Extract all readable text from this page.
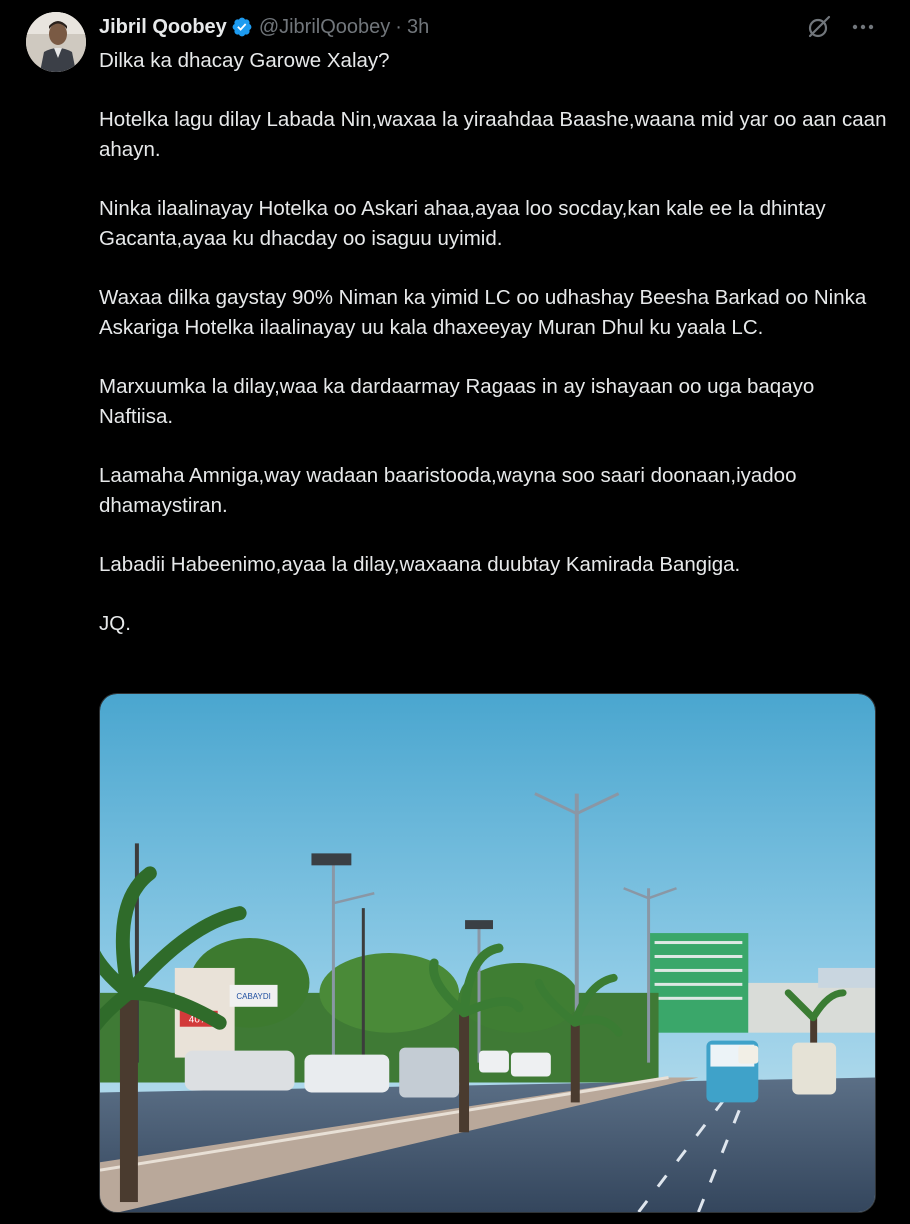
Jibril Qoobey @JibrilQoobey · 3h

Dilka ka dhacay Garowe Xalay?

Hotelka lagu dilay Labada Nin,waxaa la yiraahdaa Baashe,waana mid yar oo aan caan ahayn.

Ninka ilaalinayay Hotelka oo Askari ahaa,ayaa loo socday,kan kale ee la dhintay Gacanta,ayaa ku dhacday oo isaguu uyimid.

Waxaa dilka gaystay 90% Niman ka yimid LC oo udhashay Beesha Barkad oo Ninka Askariga Hotelka ilaalinayay uu kala dhaxeeyay Muran Dhul ku yaala LC.

Marxuumka la dilay,waa ka dardaarmay Ragaas in ay ishayaan oo uga baqayo Naftiisa.

Laamaha Amniga,way wadaan baaristooda,wayna soo saari doonaan,iyadoo dhamaystiran.

Labadii Habeenimo,ayaa la dilay,waxaana duubtay Kamirada Bangiga.

JQ.

40%
CABAYDI
